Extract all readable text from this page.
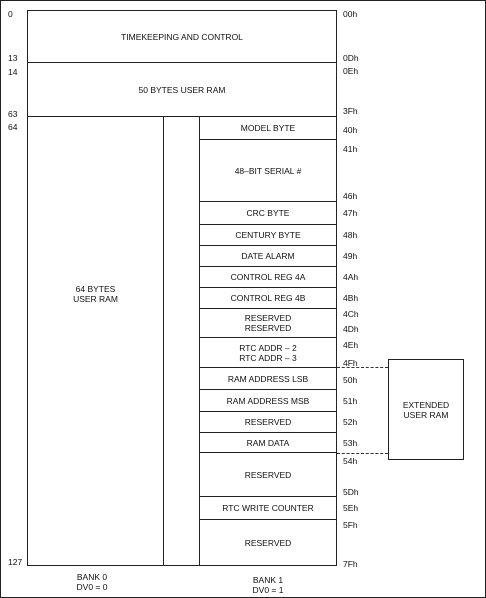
TIMEKEEPING AND CONTROL
50 BYTES USER RAM
64 BYTES
USER RAM
MODEL BYTE
48–BIT SERIAL #
CRC BYTE
CENTURY BYTE
DATE ALARM
CONTROL REG 4A
CONTROL REG 4B
RESERVED
RESERVED
RTC ADDR – 2
RTC ADDR – 3
RAM ADDRESS LSB
RAM ADDRESS MSB
RESERVED
RAM DATA
RESERVED
RTC WRITE COUNTER
RESERVED
EXTENDED
USER RAM
0
13
14
63
64
127
00h
0Dh
0Eh
3Fh
40h
41h
46h
47h
48h
49h
4Ah
4Bh
4Ch
4Dh
4Eh
4Fh
50h
51h
52h
53h
54h
5Dh
5Eh
5Fh
7Fh
BANK 0
DV0 = 0
BANK 1
DV0 = 1
